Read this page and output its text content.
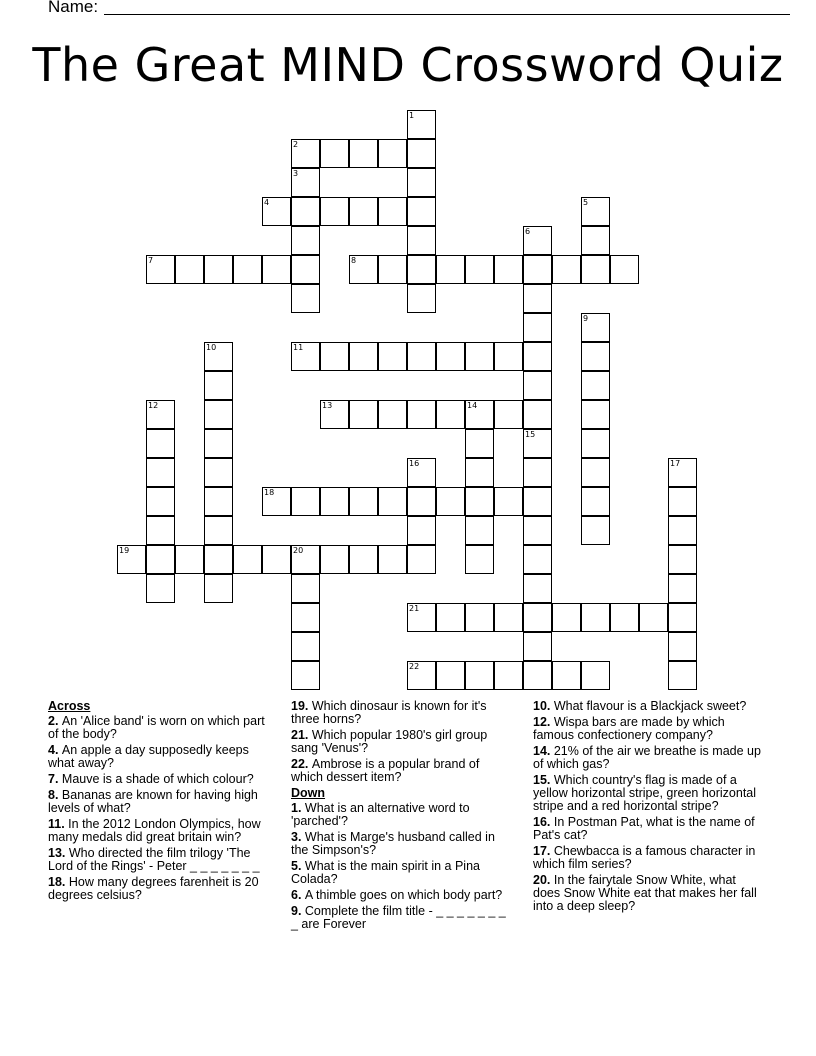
Name:
The Great MIND Crossword Quiz
2
4
7	8
11
13	14
18
19	20
21
22
1
3
5
6
15
9
10
12
16	17

Across

2. An 'Alice band' is worn on which part of the body?

4. An apple a day supposedly keeps what away?

7. Mauve is a shade of which colour?

8. Bananas are known for having high levels of what?

11. In the 2012 London Olympics, how many medals did great britain win?

13. Who directed the film trilogy 'The Lord of the Rings' - Peter _ _ _ _ _ _ _

18. How many degrees farenheit is 20 degrees celsius?

19. Which dinosaur is known for it's three horns?

21. Which popular 1980's girl group sang 'Venus'?

22. Ambrose is a popular brand of which dessert item?

Down

1. What is an alternative word to 'parched'?

3. What is Marge's husband called in the Simpson's?

5. What is the main spirit in a Pina Colada?

6. A thimble goes on which body part?

9. Complete the film title - _ _ _ _ _ _ _ _ are Forever

10. What flavour is a Blackjack sweet?

12. Wispa bars are made by which famous confectionery company?

14. 21% of the air we breathe is made up of which gas?

15. Which country's flag is made of a yellow horizontal stripe, green horizontal stripe and a red horizontal stripe?

16. In Postman Pat, what is the name of Pat's cat?

17. Chewbacca is a famous character in which film series?

20. In the fairytale Snow White, what does Snow White eat that makes her fall into a deep sleep?
